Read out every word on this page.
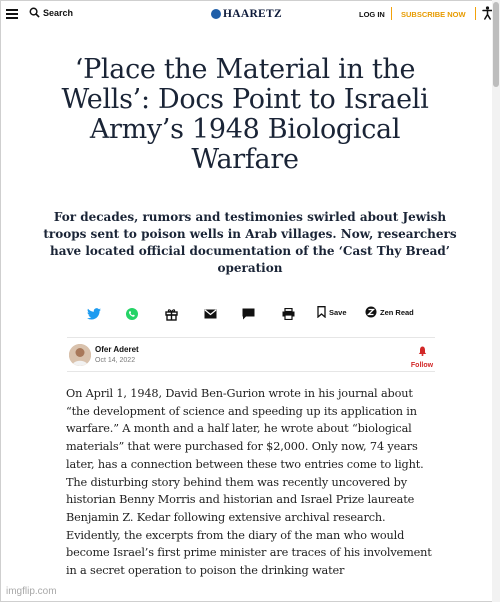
Search	HAARETZ	LOG IN SUBSCRIBE NOW
‘Place the Material in the Wells’: Docs Point to Israeli Army’s 1948 Biological Warfare

For decades, rumors and testimonies swirled about Jewish troops sent to poison wells in Arab villages. Now, researchers have located official documentation of the ‘Cast Thy Bread’ operation

Save	Zen Read
Ofer Aderet
Oct 14, 2022
Follow

On April 1, 1948, David Ben-Gurion wrote in his journal about “the development of science and speeding up its application in warfare.” A month and a half later, he wrote about “biological materials” that were purchased for $2,000. Only now, 74 years later, has a connection between these two entries come to light. The disturbing story behind them was recently uncovered by historian Benny Morris and historian and Israel Prize laureate Benjamin Z. Kedar following extensive archival research. Evidently, the excerpts from the diary of the man who would become Israel’s first prime minister are traces of his involvement in a secret operation to poison the drinking water

imgflip.com
